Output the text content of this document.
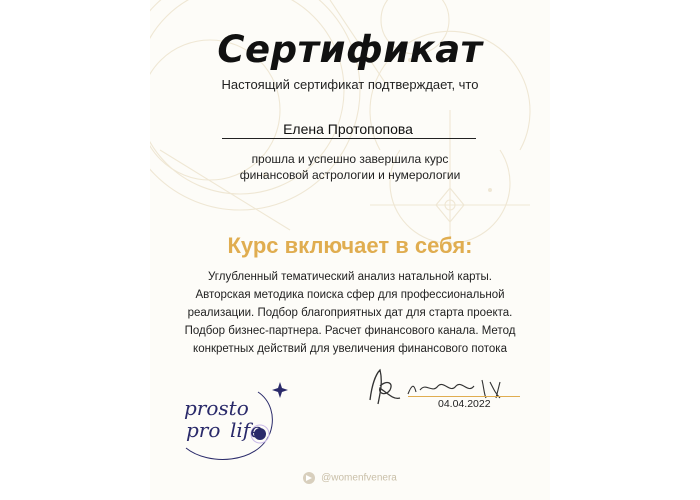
Сертификат
Настоящий сертификат подтверждает, что
Елена Протопопова
прошла и успешно завершила курс
финансовой астрологии и нумерологии
Курс включает в себя:
Углубленный тематический анализ натальной карты.
Авторская методика поиска сфер для профессиональной
реализации. Подбор благоприятных дат для старта проекта.
Подбор бизнес-партнера. Расчет финансового канала. Метод
конкретных действий для увеличения финансового потока
prosto
pro life
04.04.2022
@womenfvenera
